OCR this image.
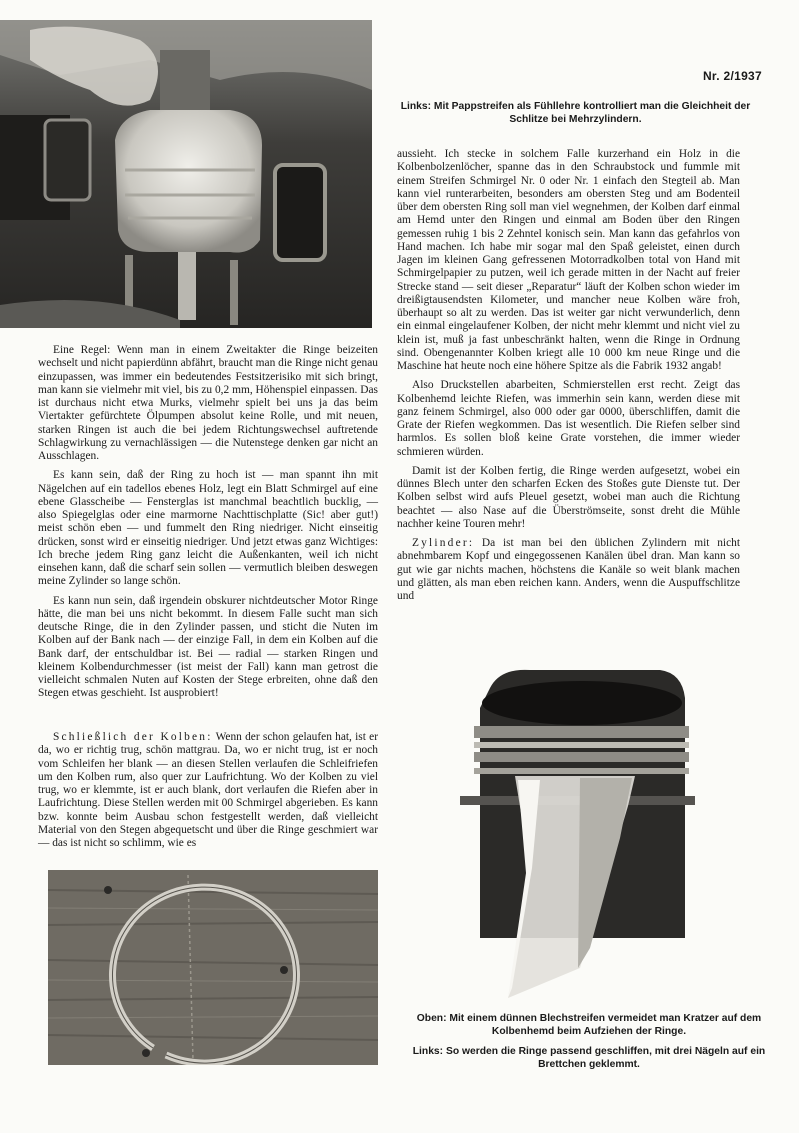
Nr. 2/1937
Links: Mit Pappstreifen als Fühllehre kontrolliert man die Gleichheit der Schlitze bei Mehrzylindern.

Eine Regel: Wenn man in einem Zweitakter die Ringe beizeiten wechselt und nicht papierdünn abfährt, braucht man die Ringe nicht genau einzupassen, was immer ein bedeutendes Festsitzerisiko mit sich bringt, man kann sie vielmehr mit viel, bis zu 0,2 mm, Höhenspiel einpassen. Das ist durchaus nicht etwa Murks, vielmehr spielt bei uns ja das beim Viertakter gefürchtete Ölpumpen absolut keine Rolle, und mit neuen, starken Ringen ist auch die bei jedem Richtungswechsel auftretende Schlagwirkung zu vernachlässigen — die Nutenstege denken gar nicht an Ausschlagen.

Es kann sein, daß der Ring zu hoch ist — man spannt ihn mit Nägelchen auf ein tadellos ebenes Holz, legt ein Blatt Schmirgel auf eine ebene Glasscheibe — Fensterglas ist manchmal beachtlich bucklig, — also Spiegelglas oder eine marmorne Nachttischplatte (Sic! aber gut!) meist schön eben — und fummelt den Ring niedriger. Nicht einseitig drücken, sonst wird er einseitig niedriger. Und jetzt etwas ganz Wichtiges: Ich breche jedem Ring ganz leicht die Außenkanten, weil ich nicht einsehen kann, daß die scharf sein sollen — vermutlich bleiben deswegen meine Zylinder so lange schön.

Es kann nun sein, daß irgendein obskurer nichtdeutscher Motor Ringe hätte, die man bei uns nicht bekommt. In diesem Falle sucht man sich deutsche Ringe, die in den Zylinder passen, und sticht die Nuten im Kolben auf der Bank nach — der einzige Fall, in dem ein Kolben auf die Bank darf, der entschuldbar ist. Bei — radial — starken Ringen und kleinem Kolbendurchmesser (ist meist der Fall) kann man getrost die vielleicht schmalen Nuten auf Kosten der Stege erbreiten, ohne daß den Stegen etwas geschieht. Ist ausprobiert!

Schließlich der Kolben: Wenn der schon gelaufen hat, ist er da, wo er richtig trug, schön mattgrau. Da, wo er nicht trug, ist er noch vom Schleifen her blank — an diesen Stellen verlaufen die Schleifriefen um den Kolben rum, also quer zur Laufrichtung. Wo der Kolben zu viel trug, wo er klemmte, ist er auch blank, dort verlaufen die Riefen aber in Laufrichtung. Diese Stellen werden mit 00 Schmirgel abgerieben. Es kann bzw. konnte beim Ausbau schon festgestellt werden, daß vielleicht Material von den Stegen abgequetscht und über die Ringe geschmiert war — das ist nicht so schlimm, wie es

aussieht. Ich stecke in solchem Falle kurzerhand ein Holz in die Kolbenbolzenlöcher, spanne das in den Schraubstock und fummle mit einem Streifen Schmirgel Nr. 0 oder Nr. 1 einfach den Stegteil ab. Man kann viel runterarbeiten, besonders am obersten Steg und am Bodenteil über dem obersten Ring soll man viel wegnehmen, der Kolben darf einmal am Hemd unter den Ringen und einmal am Boden über den Ringen gemessen ruhig 1 bis 2 Zehntel konisch sein. Man kann das gefahrlos von Hand machen. Ich habe mir sogar mal den Spaß geleistet, einen durch Jagen im kleinen Gang gefressenen Motorradkolben total von Hand mit Schmirgelpapier zu putzen, weil ich gerade mitten in der Nacht auf freier Strecke stand — seit dieser „Reparatur“ läuft der Kolben schon wieder im dreißigtausendsten Kilometer, und mancher neue Kolben wäre froh, überhaupt so alt zu werden. Das ist weiter gar nicht verwunderlich, denn ein einmal eingelaufener Kolben, der nicht mehr klemmt und nicht viel zu klein ist, muß ja fast unbeschränkt halten, wenn die Ringe in Ordnung sind. Obengenannter Kolben kriegt alle 10 000 km neue Ringe und die Maschine hat heute noch eine höhere Spitze als die Fabrik 1932 angab!

Also Druckstellen abarbeiten, Schmierstellen erst recht. Zeigt das Kolbenhemd leichte Riefen, was immerhin sein kann, werden diese mit ganz feinem Schmirgel, also 000 oder gar 0000, überschliffen, damit die Grate der Riefen wegkommen. Das ist wesentlich. Die Riefen selber sind harmlos. Es sollen bloß keine Grate vorstehen, die immer wieder schmieren würden.

Damit ist der Kolben fertig, die Ringe werden aufgesetzt, wobei ein dünnes Blech unter den scharfen Ecken des Stoßes gute Dienste tut. Der Kolben selbst wird aufs Pleuel gesetzt, wobei man auch die Richtung beachtet — also Nase auf die Überströmseite, sonst dreht die Mühle nachher keine Touren mehr!

Zylinder: Da ist man bei den üblichen Zylindern mit nicht abnehmbarem Kopf und eingegossenen Kanälen übel dran. Man kann so gut wie gar nichts machen, höchstens die Kanäle so weit blank machen und glätten, als man eben reichen kann. Anders, wenn die Auspuffschlitze und

Oben: Mit einem dünnen Blechstreifen vermeidet man Kratzer auf dem Kolbenhemd beim Aufziehen der Ringe.
Links: So werden die Ringe passend geschliffen, mit drei Nägeln auf ein Brettchen geklemmt.
